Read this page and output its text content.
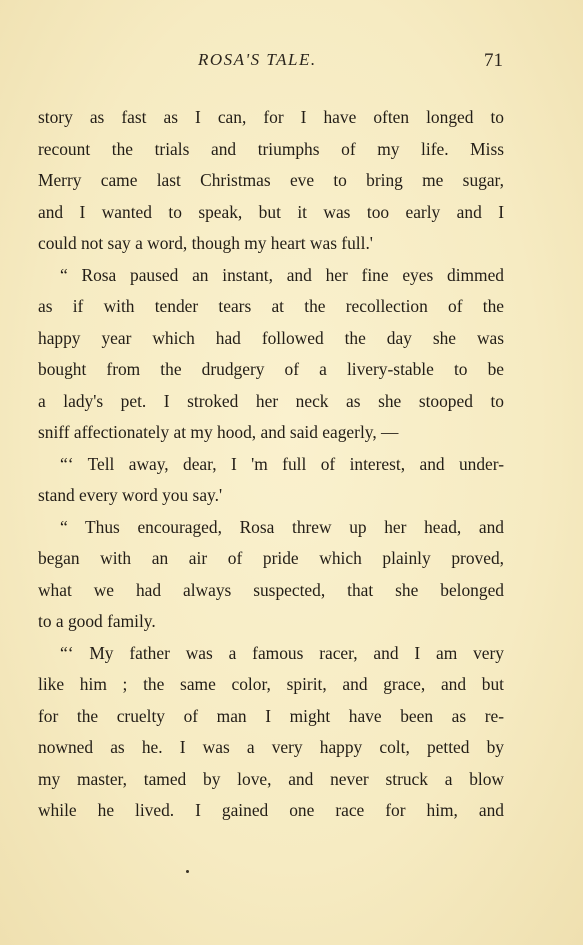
ROSA'S TALE.	71
story as fast as I can, for I have often longed to
recount the trials and triumphs of my life. Miss
Merry came last Christmas eve to bring me sugar,
and I wanted to speak, but it was too early and I
could not say a word, though my heart was full.'
“ Rosa paused an instant, and her fine eyes dimmed
as if with tender tears at the recollection of the
happy year which had followed the day she was
bought from the drudgery of a livery-stable to be
a lady's pet. I stroked her neck as she stooped to
sniff affectionately at my hood, and said eagerly, —
“‘ Tell away, dear, I 'm full of interest, and under-
stand every word you say.'
“ Thus encouraged, Rosa threw up her head, and
began with an air of pride which plainly proved,
what we had always suspected, that she belonged
to a good family.
“‘ My father was a famous racer, and I am very
like him ; the same color, spirit, and grace, and but
for the cruelty of man I might have been as re-
nowned as he. I was a very happy colt, petted by
my master, tamed by love, and never struck a blow
while he lived. I gained one race for him, and
